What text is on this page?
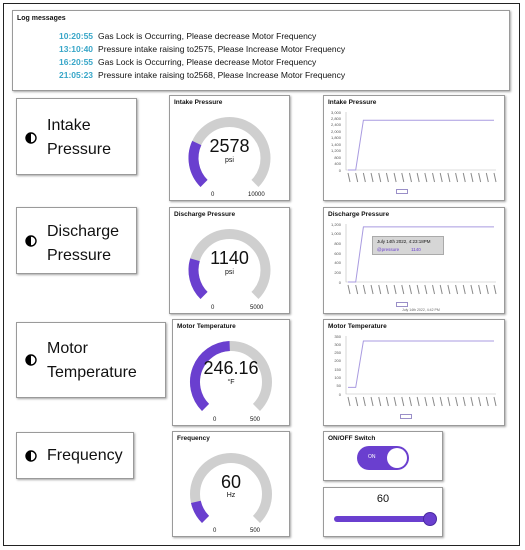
Log messages
10:20:55 Gas Lock is Occurring, Please decrease Motor Frequency
13:10:40 Pressure intake raising to2575, Please Increase Motor Frequency
16:20:55 Gas Lock is Occurring, Please decrease Motor Frequency
21:05:23 Pressure intake raising to2568, Please Increase Motor Frequency
Intake
Pressure
Discharge
Pressure
Motor
Temperature
Frequency
Intake Pressure
2578
psi
0	10000
Discharge Pressure
1140
psi
0	5000
Motor Temperature
246.16
°F
0	500
Frequency
60
Hz
0	500
Intake Pressure
3,000
2,800
2,400
2,000
1,800
1,400
1,200
800
400
0
Discharge Pressure
July 14th 2022, 4:23:18PM
@pressure	1140
July 14th 2022, 4:42 PM
1,200
1,000
800
600
400
200
0
Motor Temperature
350
300
250
200
150
100
50
0
ON/OFF Switch
ON
60
